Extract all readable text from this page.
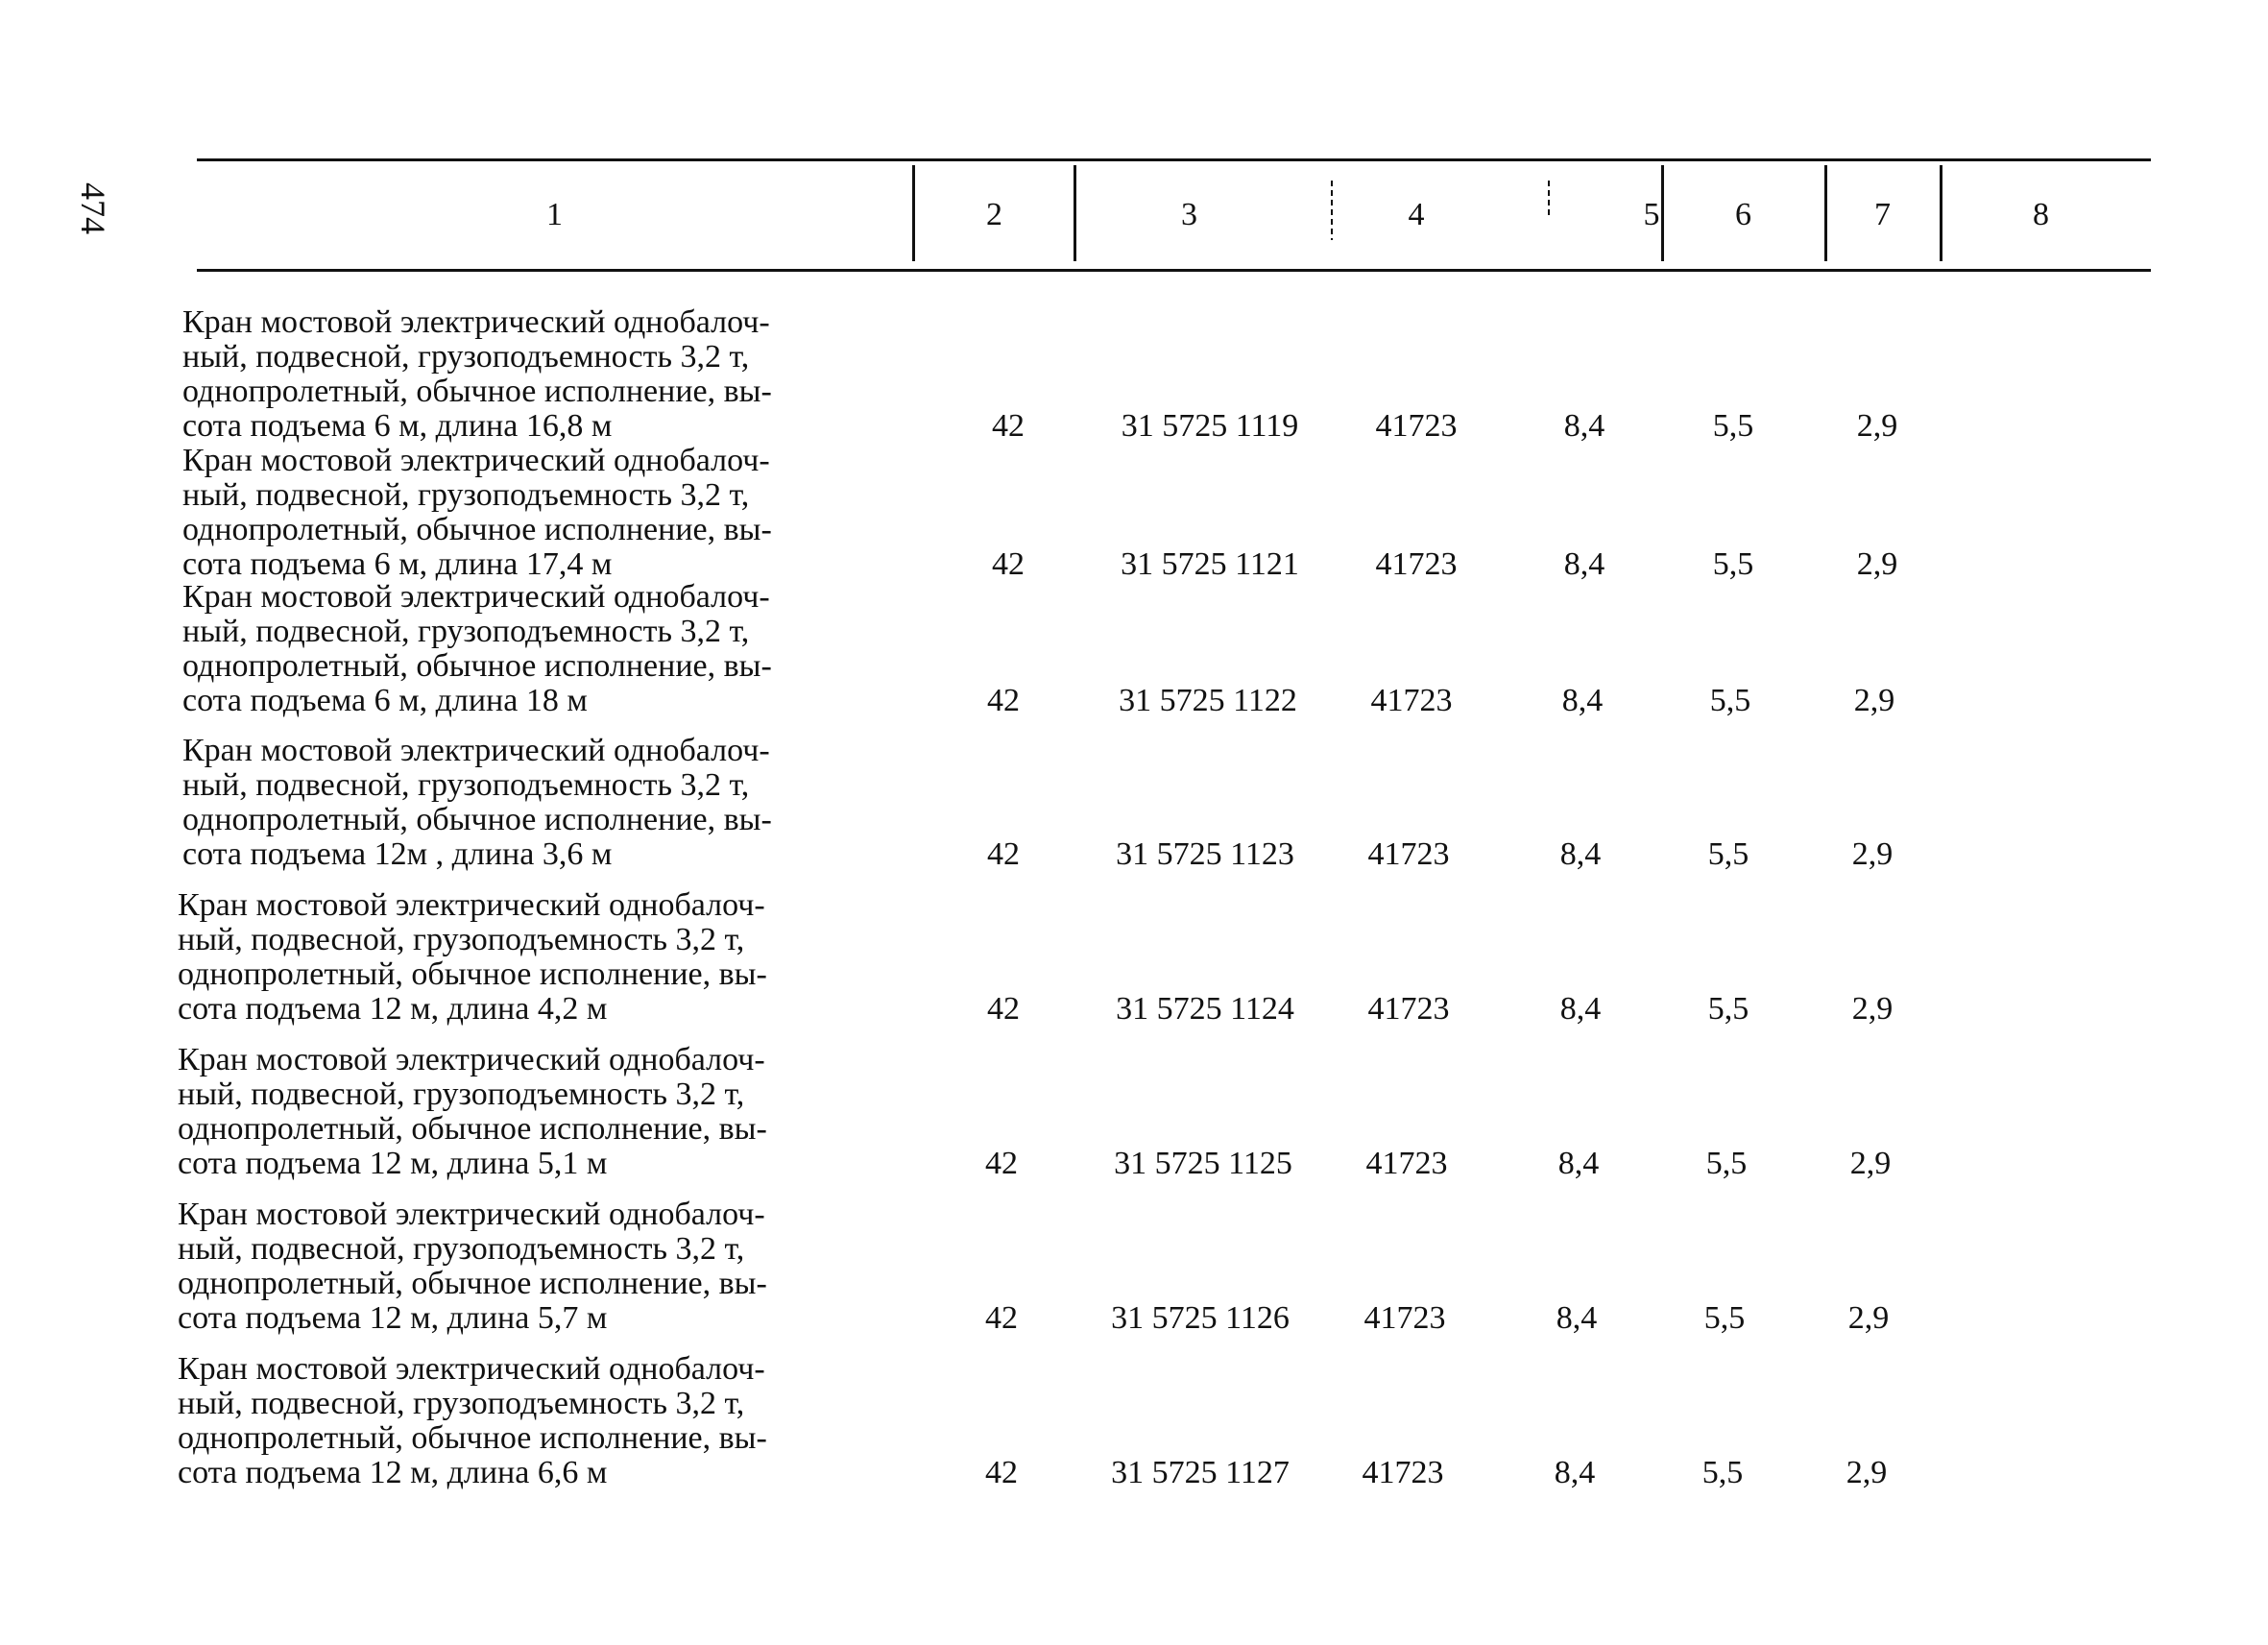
474	1	2	3	4	5	6	7	8
Кран мостовой электрический однобалоч-
ный, подвесной, грузоподъемность 3,2 т,
однопролетный, обычное исполнение, вы-
сота подъема 6 м, длина 16,8 м	42	31 5725 1119	41723	8,4	5,5	2,9
Кран мостовой электрический однобалоч-
ный, подвесной, грузоподъемность 3,2 т,
однопролетный, обычное исполнение, вы-
сота подъема 6 м, длина 17,4 м	42	31 5725 1121	41723	8,4	5,5	2,9
Кран мостовой электрический однобалоч-
ный, подвесной, грузоподъемность 3,2 т,
однопролетный, обычное исполнение, вы-
сота подъема 6 м, длина 18 м	42	31 5725 1122	41723	8,4	5,5	2,9
Кран мостовой электрический однобалоч-
ный, подвесной, грузоподъемность 3,2 т,
однопролетный, обычное исполнение, вы-
сота подъема 12м , длина 3,6 м	42	31 5725 1123	41723	8,4	5,5	2,9
Кран мостовой электрический однобалоч-
ный, подвесной, грузоподъемность 3,2 т,
однопролетный, обычное исполнение, вы-
сота подъема 12 м, длина 4,2 м	42	31 5725 1124	41723	8,4	5,5	2,9
Кран мостовой электрический однобалоч-
ный, подвесной, грузоподъемность 3,2 т,
однопролетный, обычное исполнение, вы-
сота подъема 12 м, длина 5,1 м	42	31 5725 1125	41723	8,4	5,5	2,9
Кран мостовой электрический однобалоч-
ный, подвесной, грузоподъемность 3,2 т,
однопролетный, обычное исполнение, вы-
сота подъема 12 м, длина 5,7 м	42	31 5725 1126	41723	8,4	5,5	2,9
Кран мостовой электрический однобалоч-
ный, подвесной, грузоподъемность 3,2 т,
однопролетный, обычное исполнение, вы-
сота подъема 12 м, длина 6,6 м	42	31 5725 1127	41723	8,4	5,5	2,9
